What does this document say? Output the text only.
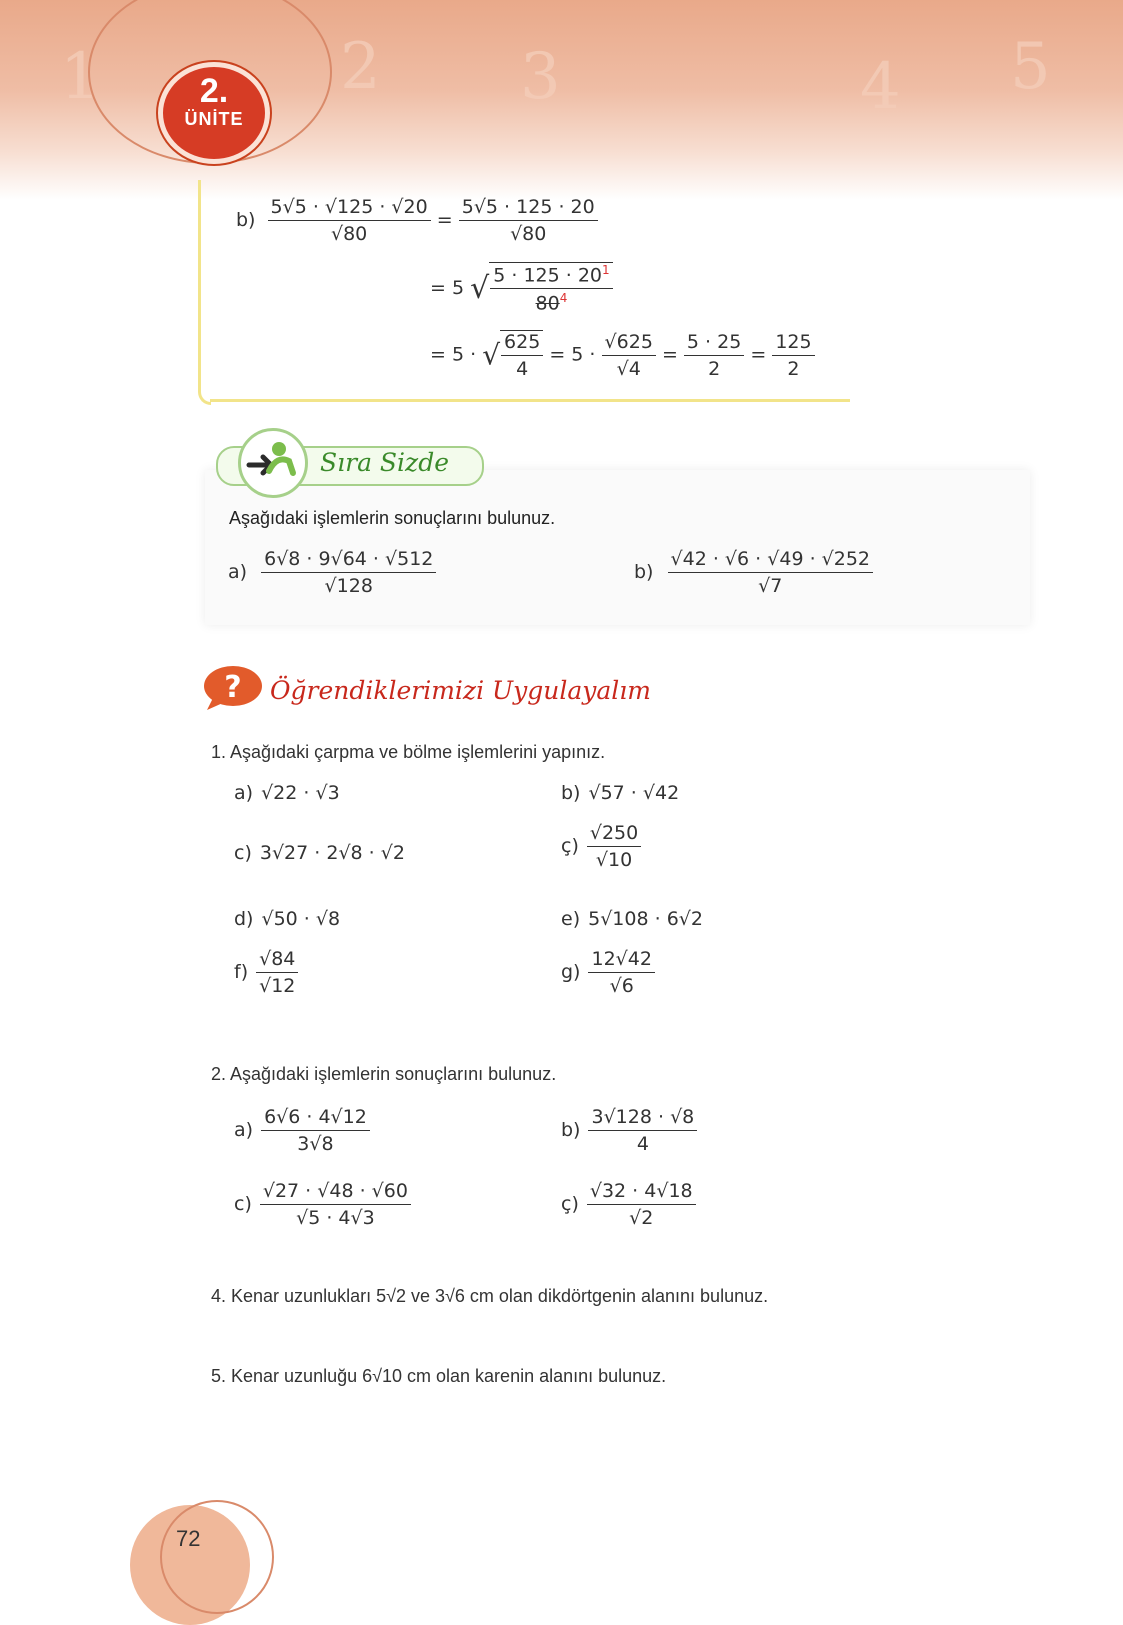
1	2 3	4 5
2.
ÜNİTE
$b) \frac{5√5 \cdot √125 \cdot √20}{√80} = \frac{5√5 \cdot 125 \cdot 20}{√80}$
= 5 √ $\frac{5 \cdot 125 \cdot 20^1}{80^4}$
= 5 · √ $\frac{625}{4} = 5 \cdot \frac{√625}{√4} = \frac{5 \cdot 25}{2} = \frac{125}{2}$
Sıra Sizde
Aşağıdaki işlemlerin sonuçlarını bulunuz.
$a) \frac{6√8 \cdot 9√64 \cdot √512}{√128}$	$b) \frac{√42 \cdot √6 \cdot √49 \cdot √252}{√7}$
? Öğrendiklerimizi Uygulayalım
1. Aşağıdaki çarpma ve bölme işlemlerini yapınız.
a) √22 · √3	b) √57 · √42
c) 3√27 · 2√8 · √2	ç) $\frac{√250}{√10}$
d) √50 · √8	e) 5√108 · 6√2
$f) \frac{√84}{√12}$	$g) \frac{12√42}{√6}$
2. Aşağıdaki işlemlerin sonuçlarını bulunuz.
$a) \frac{6√6 \cdot 4√12}{3√8}$	$b) \frac{3√128 \cdot √8}{4}$
$c) \frac{√27 \cdot √48 \cdot √60}{√5 \cdot 4√3}$	ç) $\frac{√32 \cdot 4√18}{√2}$
4. Kenar uzunlukları 5√2 ve 3√6 cm olan dikdörtgenin alanını bulunuz.
5. Kenar uzunluğu 6√10 cm olan karenin alanını bulunuz.
72
